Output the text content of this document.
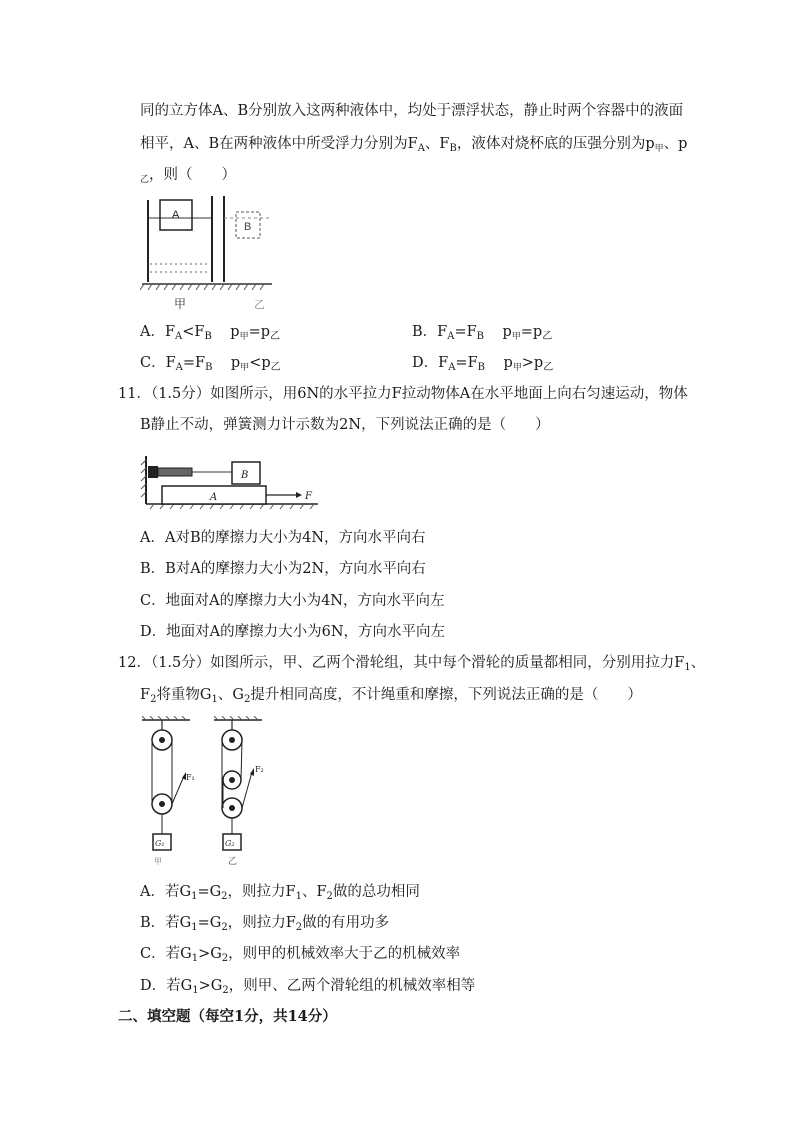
同的立方体A、B分别放入这两种液体中，均处于漂浮状态，静止时两个容器中的液面
相平，A、B在两种液体中所受浮力分别为$F_A$、$F_B$，液体对烧杯底的压强分别为$p_甲$、p
$_乙$，则（　　）
A
B
甲	乙
A．$F_A<F_B$ $p_甲=p_乙$	B．$F_A=F_B$ $p_甲=p_乙$
C．$F_A=F_B$ $p_甲<p_乙$	D．$F_A=F_B$ $p_甲>p_乙$
11．（1.5分）如图所示，用6N的水平拉力F拉动物体A在水平地面上向右匀速运动，物体
B静止不动，弹簧测力计示数为2N，下列说法正确的是（　　）
B
A	F
A．A对B的摩擦力大小为4N，方向水平向右
B．B对A的摩擦力大小为2N，方向水平向右
C．地面对A的摩擦力大小为4N，方向水平向左
D．地面对A的摩擦力大小为6N，方向水平向左
12．（1.5分）如图所示，甲、乙两个滑轮组，其中每个滑轮的质量都相同，分别用拉力$F_1$、
$F_2$将重物$G_1$、$G_2$提升相同高度，不计绳重和摩擦，下列说法正确的是（　　）
F₁
G₁
甲
F₂
G₂
乙
A．若$G_1=G_2$，则拉力$F_1$、$F_2$做的总功相同
B．若$G_1=G_2$，则拉力$F_2$做的有用功多
C．若$G_1>G_2$，则甲的机械效率大于乙的机械效率
D．若$G_1>G_2$，则甲、乙两个滑轮组的机械效率相等
二、填空题（每空1分，共14分）
